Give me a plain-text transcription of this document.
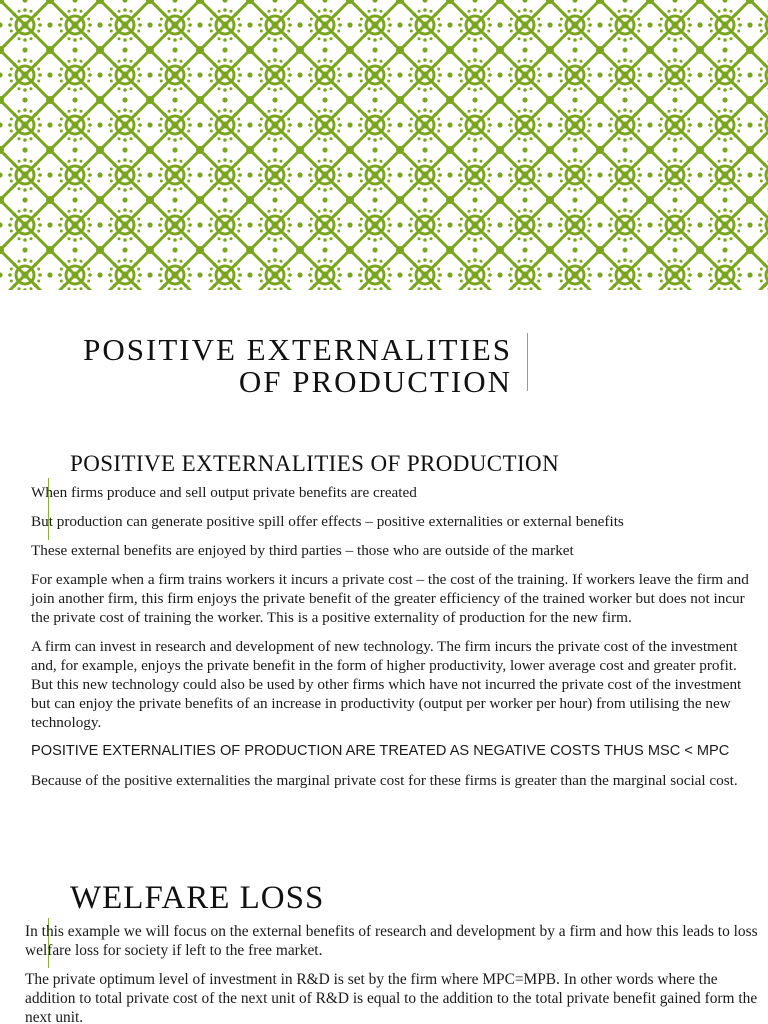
POSITIVE EXTERNALITIES
OF PRODUCTION
POSITIVE EXTERNALITIES OF PRODUCTION

When firms produce and sell output private benefits are created

But production can generate positive spill offer effects – positive externalities or external benefits

These external benefits are enjoyed by third parties – those who are outside of the market

For example when a firm trains workers it incurs a private cost – the cost of the training. If workers leave the firm and join another firm, this firm enjoys the private benefit of the greater efficiency of the trained worker but does not incur the private cost of training the worker. This is a positive externality of production for the new firm.

A firm can invest in research and development of new technology. The firm incurs the private cost of the investment and, for example, enjoys the private benefit in the form of higher productivity, lower average cost and greater profit. But this new technology could also be used by other firms which have not incurred the private cost of the investment but can enjoy the private benefits of an increase in productivity (output per worker per hour) from utilising the new technology.

POSITIVE EXTERNALITIES OF PRODUCTION ARE TREATED AS NEGATIVE COSTS THUS MSC < MPC

Because of the positive externalities the marginal private cost for these firms is greater than the marginal social cost.

WELFARE LOSS

In this example we will focus on the external benefits of research and development by a firm and how this leads to loss welfare loss for society if left to the free market.

The private optimum level of investment in R&D is set by the firm where MPC=MPB. In other words where the addition to total private cost of the next unit of R&D is equal to the addition to the total private benefit gained form the next unit.
